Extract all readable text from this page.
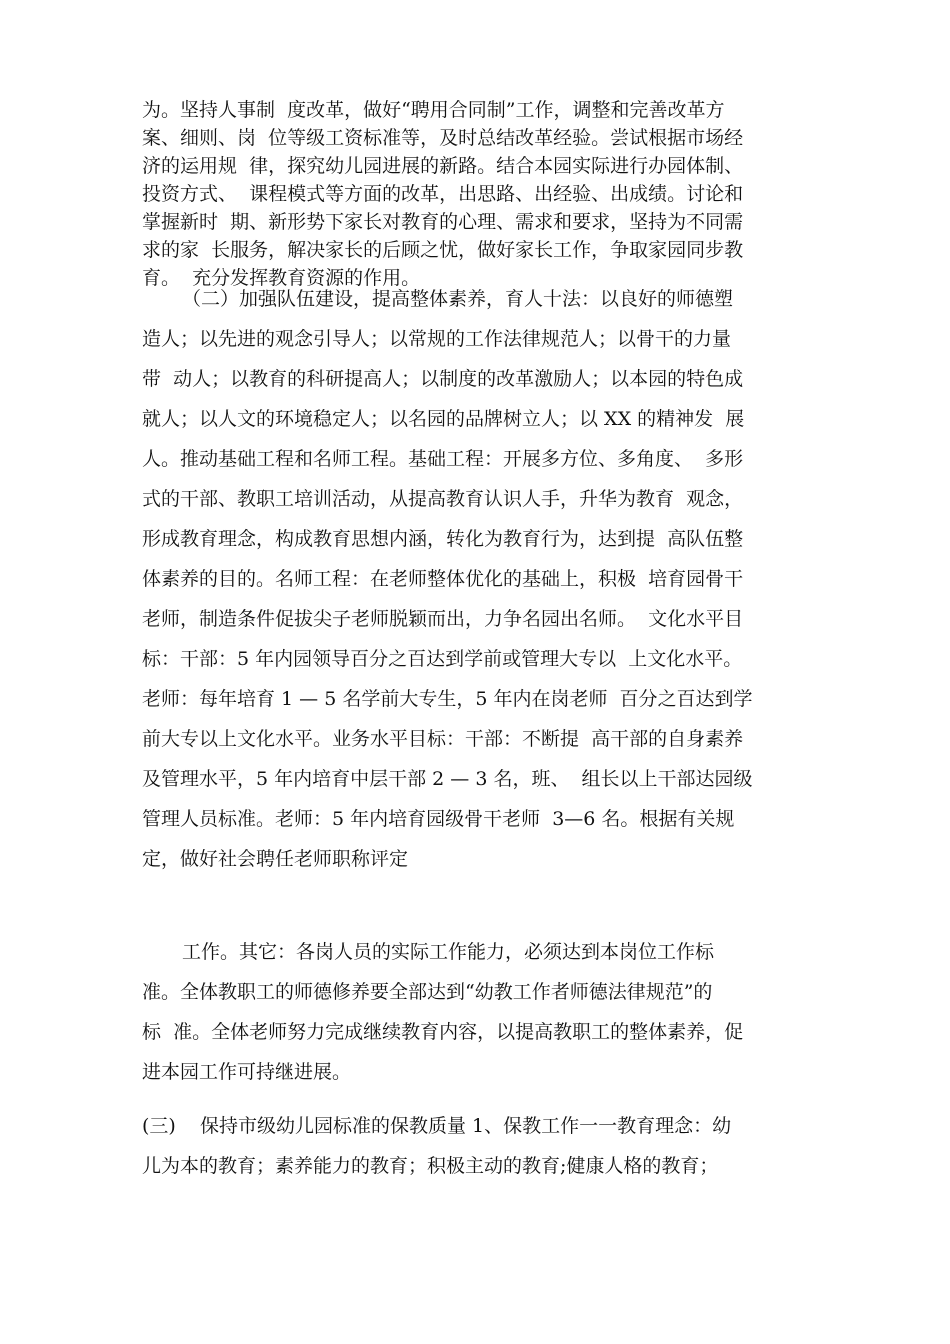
为。坚持人事制  度改革，做好“聘用合同制”工作，调整和完善改革方
案、细则、岗  位等级工资标准等，及时总结改革经验。尝试根据市场经
济的运用规  律，探究幼儿园进展的新路。结合本园实际进行办园体制、
投资方式、  课程模式等方面的改革，出思路、出经验、出成绩。讨论和
掌握新时  期、新形势下家长对教育的心理、需求和要求，坚持为不同需
求的家  长服务，解决家长的后顾之忧，做好家长工作，争取家园同步教
育。  充分发挥教育资源的作用。
（二）加强队伍建设，提高整体素养，育人十法：以良好的师德塑
造人；以先进的观念引导人；以常规的工作法律规范人；以骨干的力量
带  动人；以教育的科研提高人；以制度的改革激励人；以本园的特色成
就人；以人文的环境稳定人；以名园的品牌树立人；以 XX 的精神发  展
人。推动基础工程和名师工程。基础工程：开展多方位、多角度、  多形
式的干部、教职工培训活动，从提高教育认识人手，升华为教育  观念，
形成教育理念，构成教育思想内涵，转化为教育行为，达到提  高队伍整
体素养的目的。名师工程：在老师整体优化的基础上，积极  培育园骨干
老师，制造条件促拔尖子老师脱颖而出，力争名园出名师。  文化水平目
标：干部：5 年内园领导百分之百达到学前或管理大专以  上文化水平。
老师：每年培育 1 — 5 名学前大专生，5 年内在岗老师  百分之百达到学
前大专以上文化水平。业务水平目标：干部：不断提  高干部的自身素养
及管理水平，5 年内培育中层干部 2 — 3 名，班、  组长以上干部达园级
管理人员标准。老师：5 年内培育园级骨干老师  3—6 名。根据有关规
定，做好社会聘任老师职称评定
工作。其它：各岗人员的实际工作能力，必须达到本岗位工作标
准。全体教职工的师德修养要全部达到“幼教工作者师德法律规范”的
标  准。全体老师努力完成继续教育内容，以提高教职工的整体素养，促
进本园工作可持继进展。
(三)    保持市级幼儿园标准的保教质量 1、保教工作一一教育理念：幼
儿为本的教育；素养能力的教育；积极主动的教育;健康人格的教育；
